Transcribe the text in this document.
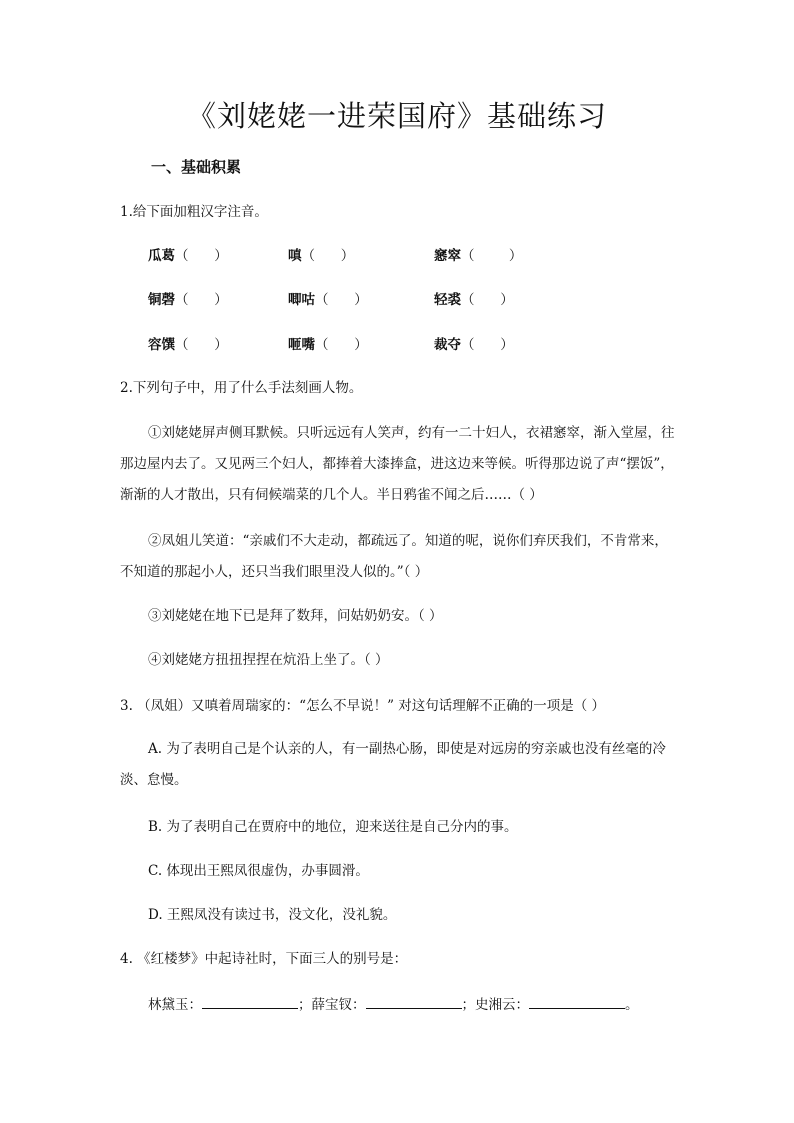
《刘姥姥一进荣国府》基础练习
一、基础积累
1.给下面加粗汉字注音。
瓜葛（      ）	嗔（      ）	窸窣（        ）
铜磬（      ）	唧咕（      ）	轻裘（      ）
容馔（      ）	咂嘴（      ）	裁夺（      ）
2.下列句子中，用了什么手法刻画人物。
①刘姥姥屏声侧耳默候。只听远远有人笑声，约有一二十妇人，衣裙窸窣，渐入堂屋，往那边屋内去了。又见两三个妇人，都捧着大漆捧盒，进这边来等候。听得那边说了声“摆饭”，渐渐的人才散出，只有伺候端菜的几个人。半日鸦雀不闻之后……（ ）
②凤姐儿笑道：“亲戚们不大走动，都疏远了。知道的呢，说你们弃厌我们，不肯常来，不知道的那起小人，还只当我们眼里没人似的。”（ ）
③刘姥姥在地下已是拜了数拜，问姑奶奶安。（ ）
④刘姥姥方扭扭捏捏在炕沿上坐了。（ ）
3. （凤姐）又嗔着周瑞家的：“怎么不早说！” 对这句话理解不正确的一项是（ ）
A. 为了表明自己是个认亲的人，有一副热心肠，即使是对远房的穷亲戚也没有丝毫的冷淡、怠慢。
B. 为了表明自己在贾府中的地位，迎来送往是自己分内的事。
C. 体现出王熙凤很虚伪，办事圆滑。
D. 王熙凤没有读过书，没文化，没礼貌。
4. 《红楼梦》中起诗社时，下面三人的别号是：
林黛玉：	；薛宝钗：	；史湘云：	。
